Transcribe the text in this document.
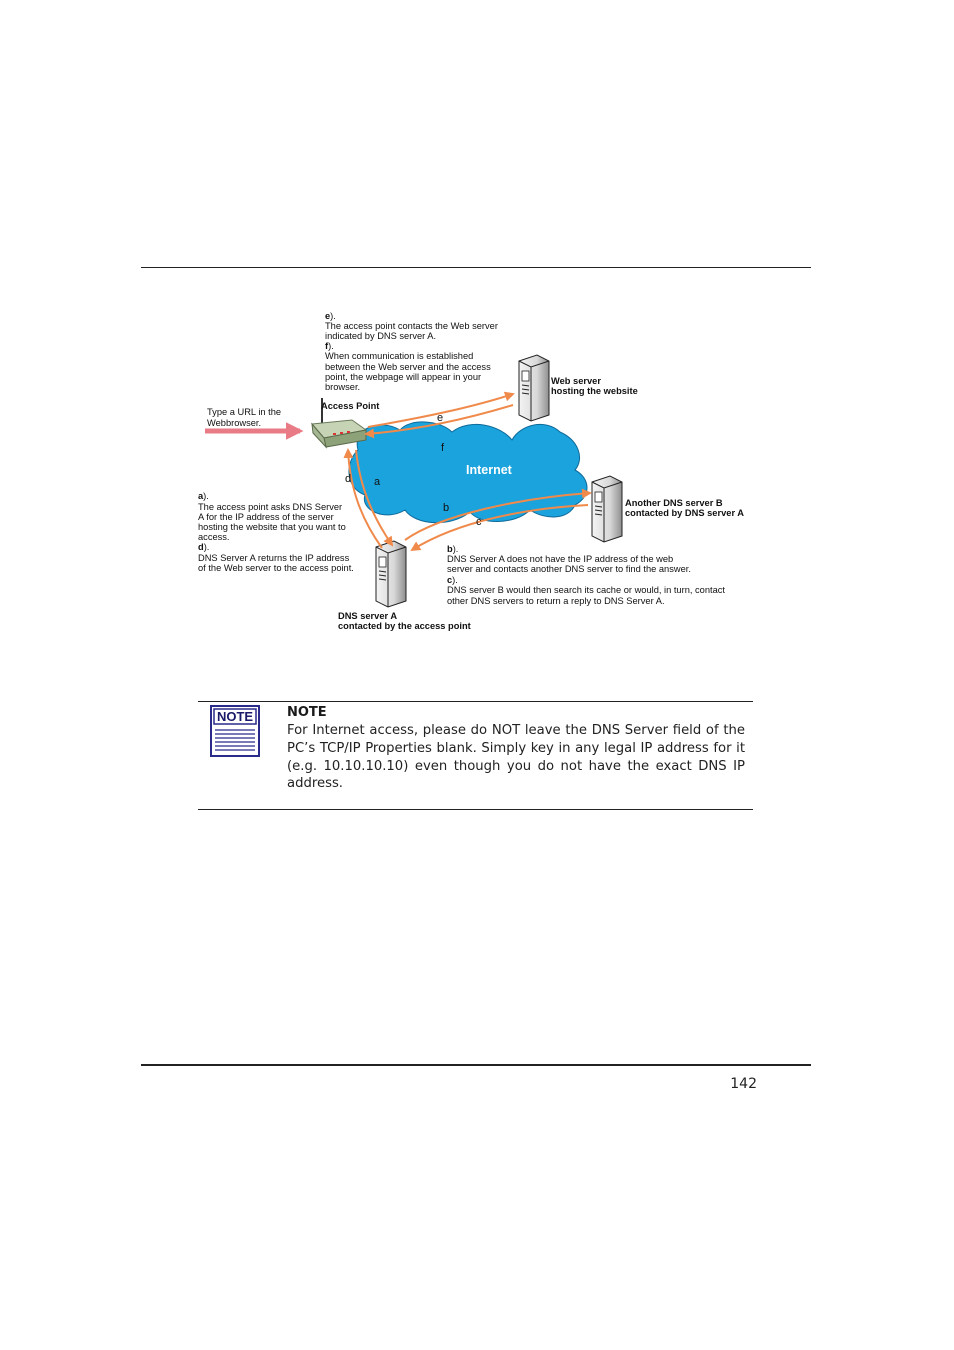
Internet
e
f
d a
b
c
Access Point
Web server
hosting the website
Another DNS server B
contacted by DNS server A
DNS server A
contacted by the access point
Type a URL in the
Webbrowser.
e).
The access point contacts the Web server
indicated by DNS server A.
f).
When communication is established
between the Web server and the access
point, the webpage will appear in your
browser.
a).
The access point asks DNS Server
A for the IP address of the server
hosting the website that you want to
access.
d).
DNS Server A returns the IP address
of the Web server to the access point.
b).
DNS Server A does not have the IP address of the web
server and contacts another DNS server to find the answer.
c).
DNS server B would then search its cache or would, in turn, contact
other DNS servers to return a reply to DNS Server A.
NOTE	NOTE
For Internet access, please do NOT leave the DNS Server field of the PC’s TCP/IP Properties blank. Simply key in any legal IP address for it (e.g. 10.10.10.10) even though you do not have the exact DNS IP address.
142
